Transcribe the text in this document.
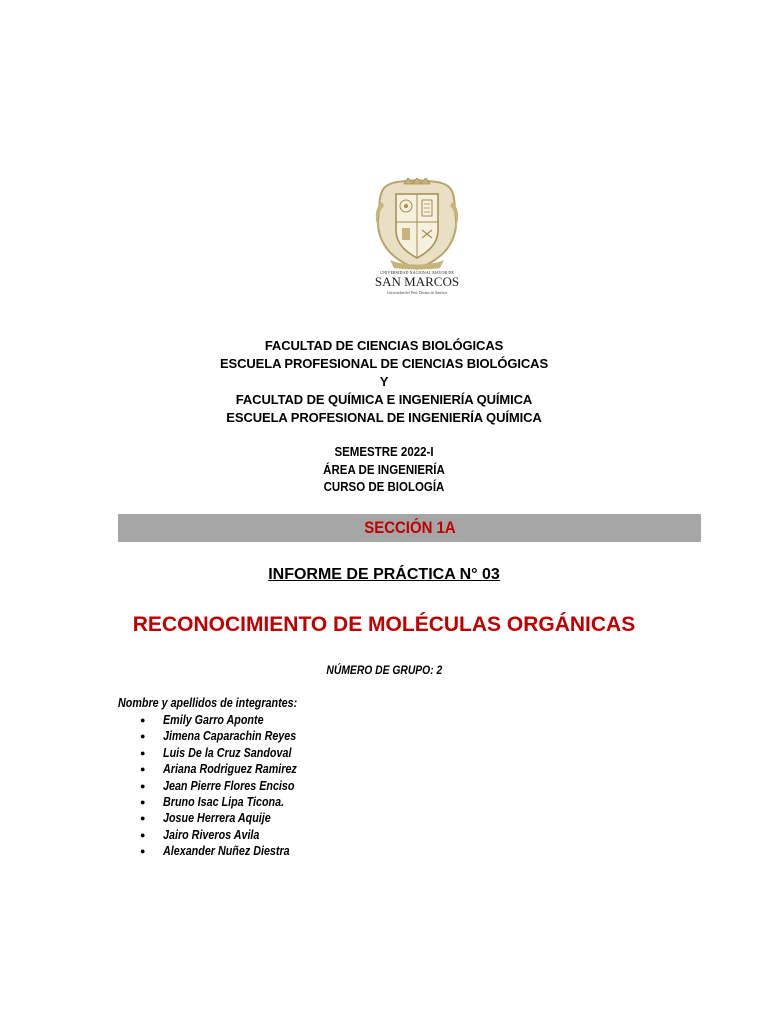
UNIVERSIDAD NACIONAL MAYOR DE
SAN MARCOS
Universidad del Perú, Decana de América
FACULTAD DE CIENCIAS BIOLÓGICAS
ESCUELA PROFESIONAL DE CIENCIAS BIOLÓGICAS
Y
FACULTAD DE QUÍMICA E INGENIERÍA QUÍMICA
ESCUELA PROFESIONAL DE INGENIERÍA QUÍMICA
SEMESTRE 2022-I
ÁREA DE INGENIERÍA
CURSO DE BIOLOGÍA
SECCIÓN 1A
INFORME DE PRÁCTICA N° 03
RECONOCIMIENTO DE MOLÉCULAS ORGÁNICAS
NÚMERO DE GRUPO: 2
Nombre y apellidos de integrantes:
●	Emily Garro Aponte
●	Jimena Caparachin Reyes
●	Luis De la Cruz Sandoval
●	Ariana Rodriguez Ramirez
●	Jean Pierre Flores Enciso
●	Bruno Isac Lipa Ticona.
●	Josue Herrera Aquije
●	Jairo Riveros Avila
●	Alexander Nuñez Diestra
